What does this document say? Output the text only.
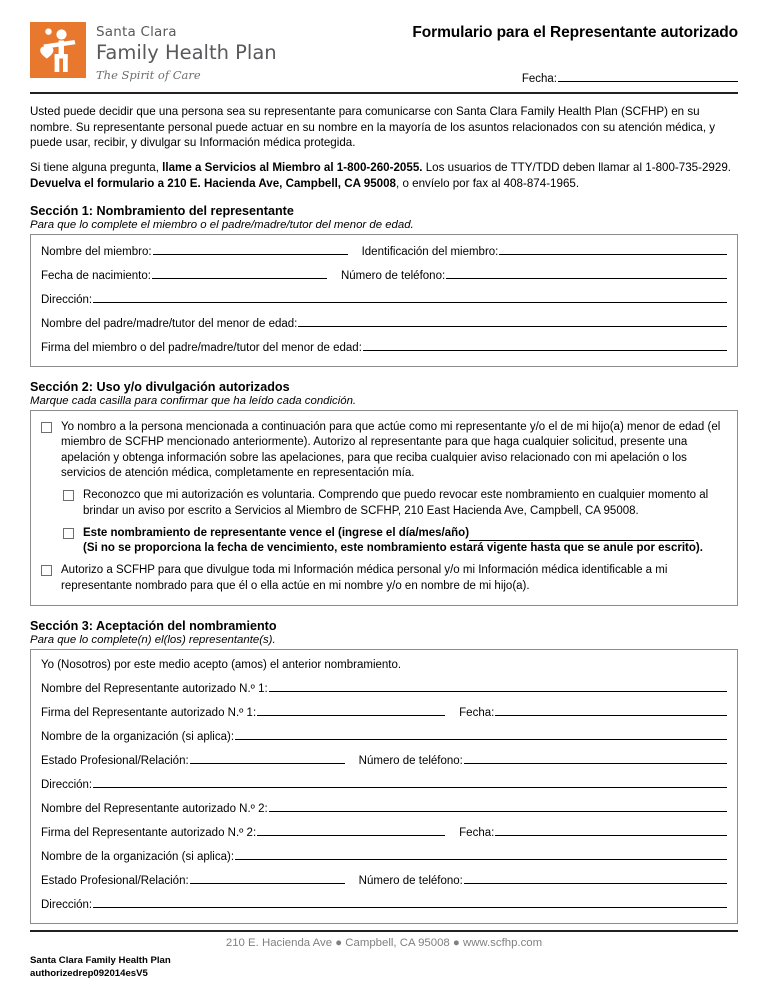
Santa Clara
Family Health Plan
The Spirit of Care
Formulario para el Representante autorizado
Fecha:

Usted puede decidir que una persona sea su representante para comunicarse con Santa Clara Family Health Plan (SCFHP) en su nombre. Su representante personal puede actuar en su nombre en la mayoría de los asuntos relacionados con su atención médica, y puede usar, recibir, y divulgar su Información médica protegida.

Si tiene alguna pregunta, llame a Servicios al Miembro al 1-800-260-2055. Los usuarios de TTY/TDD deben llamar al 1-800-735-2929. Devuelva el formulario a 210 E. Hacienda Ave, Campbell, CA 95008, o envíelo por fax al 408-874-1965.

Sección 1: Nombramiento del representante
Para que lo complete el miembro o el padre/madre/tutor del menor de edad.
Nombre del miembro:	Identificación del miembro:
Fecha de nacimiento:	Número de teléfono:
Dirección:
Nombre del padre/madre/tutor del menor de edad:
Firma del miembro o del padre/madre/tutor del menor de edad:
Sección 2: Uso y/o divulgación autorizados
Marque cada casilla para confirmar que ha leído cada condición.
Yo nombro a la persona mencionada a continuación para que actúe como mi representante y/o el de mi hijo(a) menor de edad (el miembro de SCFHP mencionado anteriormente). Autorizo al representante para que haga cualquier solicitud, presente una apelación y obtenga información sobre las apelaciones, para que reciba cualquier aviso relacionado con mi apelación o los servicios de atención médica, completamente en representación mía.
Reconozco que mi autorización es voluntaria. Comprendo que puedo revocar este nombramiento en cualquier momento al brindar un aviso por escrito a Servicios al Miembro de SCFHP, 210 East Hacienda Ave, Campbell, CA 95008.
Este nombramiento de representante vence el (ingrese el día/mes/año)
(Si no se proporciona la fecha de vencimiento, este nombramiento estará vigente hasta que se anule por escrito).
Autorizo a SCFHP para que divulgue toda mi Información médica personal y/o mi Información médica identificable a mi representante nombrado para que él o ella actúe en mi nombre y/o en nombre de mi hijo(a).
Sección 3: Aceptación del nombramiento
Para que lo complete(n) el(los) representante(s).
Yo (Nosotros) por este medio acepto (amos) el anterior nombramiento.
Nombre del Representante autorizado N.º 1:
Firma del Representante autorizado N.º 1:	Fecha:
Nombre de la organización (si aplica):
Estado Profesional/Relación:	Número de teléfono:
Dirección:
Nombre del Representante autorizado N.º 2:
Firma del Representante autorizado N.º 2:	Fecha:
Nombre de la organización (si aplica):
Estado Profesional/Relación:	Número de teléfono:
Dirección:
210 E. Hacienda Ave ● Campbell, CA 95008 ● www.scfhp.com
Santa Clara Family Health Plan
authorizedrep092014esV5
